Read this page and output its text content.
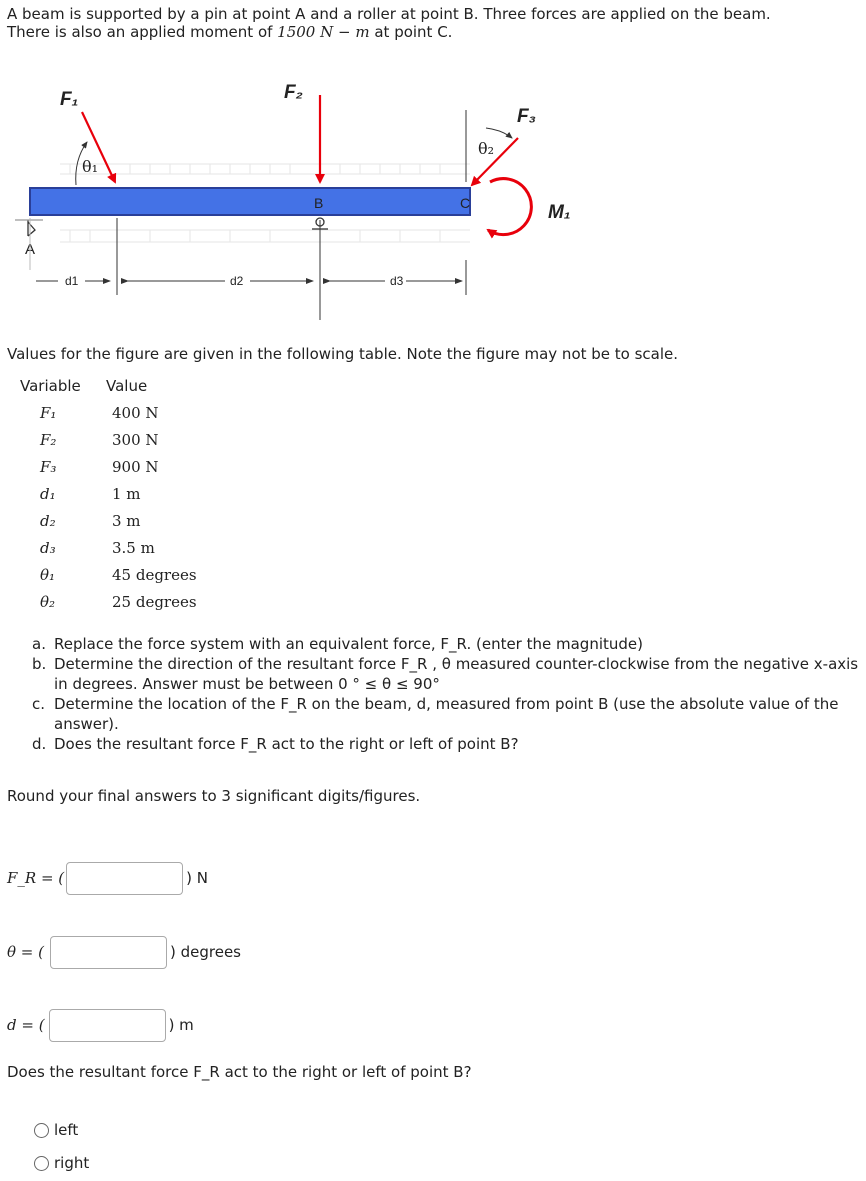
A beam is supported by a pin at point A and a roller at point B. Three forces are applied on the beam.
There is also an applied moment of 1500 N − m at point C.
A
d1	d2	d3
F₁
θ₁
F₂
B
θ₂
F₃
C	M₁
Values for the figure are given in the following table. Note the figure may not be to scale.
Variable Value
F₁	400 N
F₂	300 N
F₃	900 N
d₁	1 m
d₂	3 m
d₃	3.5 m
θ₁	45 degrees
θ₂	25 degrees
a. Replace the force system with an equivalent force, F_R. (enter the magnitude)
b. Determine the direction of the resultant force F_R , θ measured counter-clockwise from the negative x-axis in degrees. Answer must be between 0 ° ≤ θ ≤ 90°
c. Determine the location of the F_R on the beam, d, measured from point B (use the absolute value of the answer).
d. Does the resultant force F_R act to the right or left of point B?
Round your final answers to 3 significant digits/figures.
F_R = (	) N
θ = (	) degrees
d = (	) m
Does the resultant force F_R act to the right or left of point B?
left
right
